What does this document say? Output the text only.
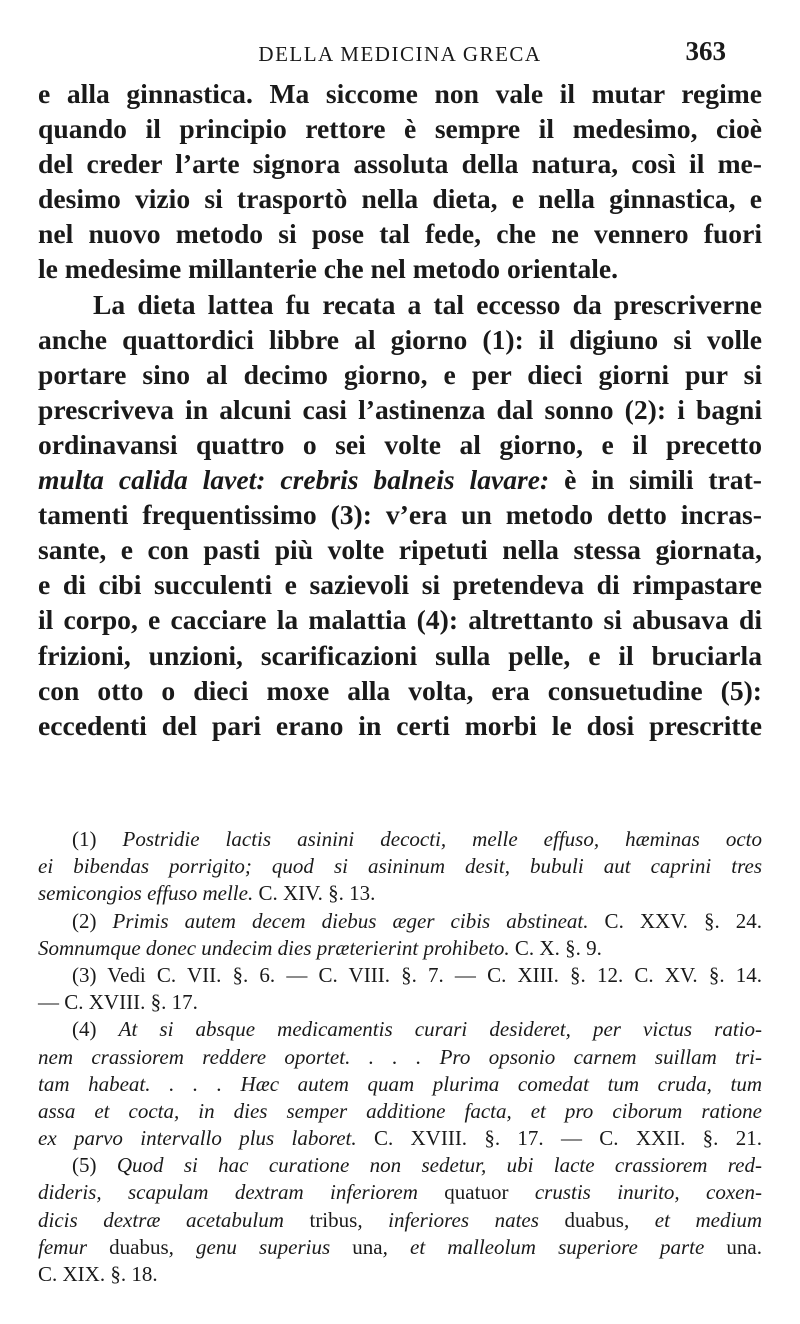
DELLA MEDICINA GRECA	363
e alla ginnastica. Ma siccome non vale il mutar regime
quando il principio rettore è sempre il medesimo, cioè
del creder l’arte signora assoluta della natura, così il me-
desimo vizio si trasportò nella dieta, e nella ginnastica, e
nel nuovo metodo si pose tal fede, che ne vennero fuori
le medesime millanterie che nel metodo orientale.
La dieta lattea fu recata a tal eccesso da prescriverne
anche quattordici libbre al giorno (1): il digiuno si volle
portare sino al decimo giorno, e per dieci giorni pur si
prescriveva in alcuni casi l’astinenza dal sonno (2): i bagni
ordinavansi quattro o sei volte al giorno, e il precetto
multa calida lavet: crebris balneis lavare: è in simili trat-
tamenti frequentissimo (3): v’era un metodo detto incras-
sante, e con pasti più volte ripetuti nella stessa giornata,
e di cibi succulenti e sazievoli si pretendeva di rimpastare
il corpo, e cacciare la malattia (4): altrettanto si abusava di
frizioni, unzioni, scarificazioni sulla pelle, e il bruciarla
con otto o dieci moxe alla volta, era consuetudine (5):
eccedenti del pari erano in certi morbi le dosi prescritte
(1) Postridie lactis asinini decocti, melle effuso, hæminas octo
ei bibendas porrigito; quod si asininum desit, bubuli aut caprini tres
semicongios effuso melle. C. XIV. §. 13.
(2) Primis autem decem diebus æger cibis abstineat. C. XXV. §. 24.
Somnumque donec undecim dies præterierint prohibeto. C. X. §. 9.
(3) Vedi C. VII. §. 6. — C. VIII. §. 7. — C. XIII. §. 12. C. XV. §. 14.
— C. XVIII. §. 17.
(4) At si absque medicamentis curari desideret, per victus ratio-
nem crassiorem reddere oportet. . . . Pro opsonio carnem suillam tri-
tam habeat. . . . Hæc autem quam plurima comedat tum cruda, tum
assa et cocta, in dies semper additione facta, et pro ciborum ratione
ex parvo intervallo plus laboret. C. XVIII. §. 17. — C. XXII. §. 21.
(5) Quod si hac curatione non sedetur, ubi lacte crassiorem red-
dideris, scapulam dextram inferiorem quatuor crustis inurito, coxen-
dicis dextræ acetabulum tribus, inferiores nates duabus, et medium
femur duabus, genu superius una, et malleolum superiore parte una.
C. XIX. §. 18.
